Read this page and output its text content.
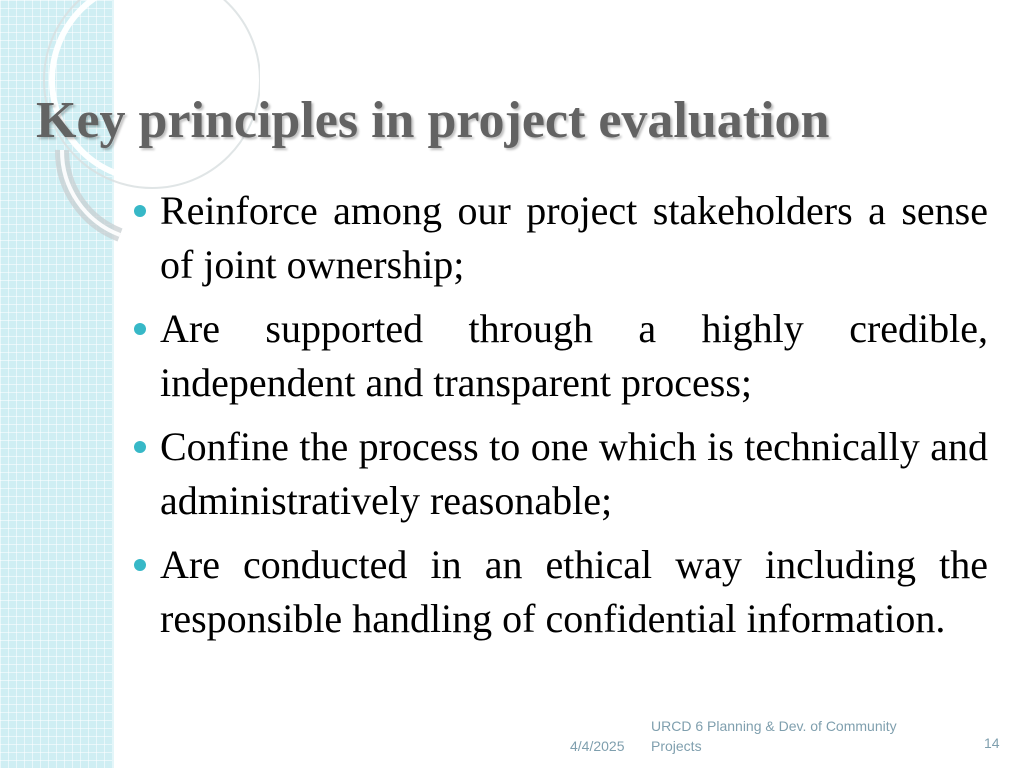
Key principles in project evaluation
Reinforce among our project stakeholders a sense of joint ownership;
Are supported through a highly credible, independent and transparent process;
Confine the process to one which is technically and administratively reasonable;
Are conducted in an ethical way including the responsible handling of confidential information.
4/4/2025
URCD 6 Planning & Dev. of Community Projects	14
